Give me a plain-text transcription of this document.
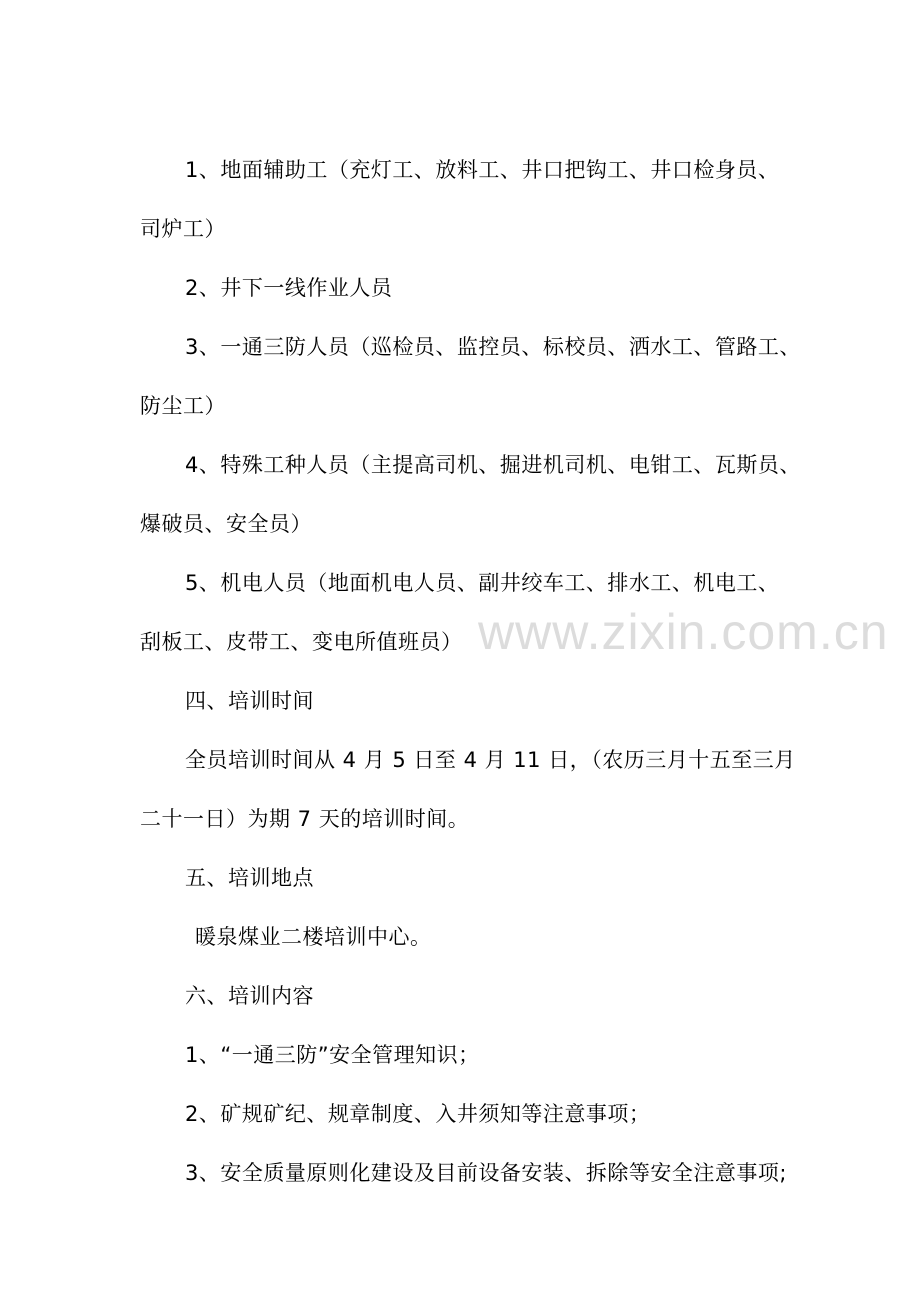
1、地面辅助工（充灯工、放料工、井口把钩工、井口检身员、
司炉工）
2、井下一线作业人员
3、一通三防人员（巡检员、监控员、标校员、洒水工、管路工、
防尘工）
4、特殊工种人员（主提高司机、掘进机司机、电钳工、瓦斯员、
爆破员、安全员）
5、机电人员（地面机电人员、副井绞车工、排水工、机电工、
刮板工、皮带工、变电所值班员）
四、培训时间
全员培训时间从 4 月 5 日至 4 月 11 日，（农历三月十五至三月
二十一日）为期 7 天的培训时间。
五、培训地点
暖泉煤业二楼培训中心。
六、培训内容
1、“一通三防”安全管理知识；
2、矿规矿纪、规章制度、入井须知等注意事项；
3、安全质量原则化建设及目前设备安装、拆除等安全注意事项;
www.zixin.com.cn
